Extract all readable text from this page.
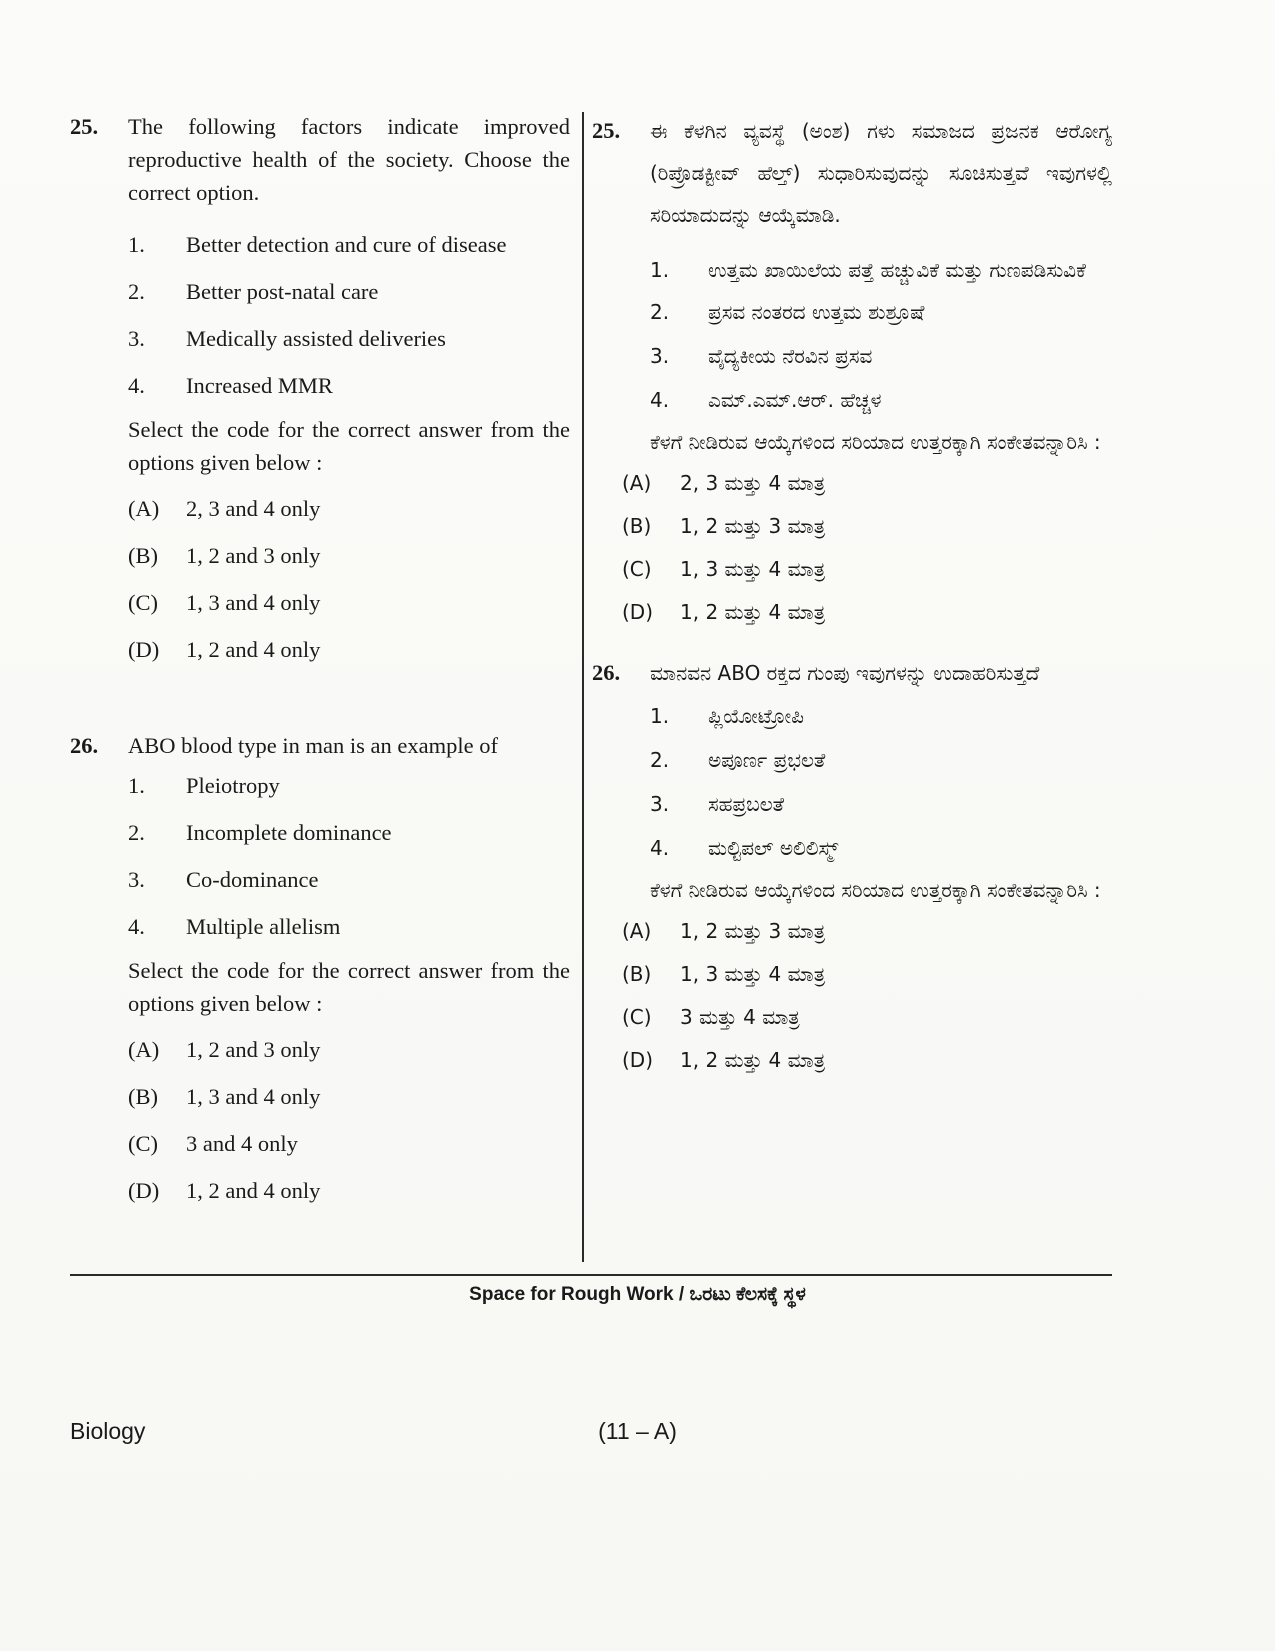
25.	The following factors indicate improved reproductive health of the society. Choose the correct option.
1.	Better detection and cure of disease
2.	Better post-natal care
3.	Medically assisted deliveries
4.	Increased MMR
Select the code for the correct answer from the options given below :
(A)	2, 3 and 4 only
(B)	1, 2 and 3 only
(C)	1, 3 and 4 only
(D)	1, 2 and 4 only
26.	ABO blood type in man is an example of
1.	Pleiotropy
2.	Incomplete dominance
3.	Co-dominance
4.	Multiple allelism
Select the code for the correct answer from the options given below :
(A)	1, 2 and 3 only
(B)	1, 3 and 4 only
(C)	3 and 4 only
(D)	1, 2 and 4 only
25.	ಈ ಕೆಳಗಿನ ವ್ಯವಸ್ಥೆ (ಅಂಶ) ಗಳು ಸಮಾಜದ ಪ್ರಜನಕ ಆರೋಗ್ಯ (ರಿಪ್ರೊಡಕ್ಟೀವ್ ಹೆಲ್ತ್) ಸುಧಾರಿಸುವುದನ್ನು ಸೂಚಿಸುತ್ತವೆ ಇವುಗಳಲ್ಲಿ ಸರಿಯಾದುದನ್ನು ಆಯ್ಕೆಮಾಡಿ.
1.	ಉತ್ತಮ ಖಾಯಿಲೆಯ ಪತ್ತೆ ಹಚ್ಚುವಿಕೆ ಮತ್ತು ಗುಣಪಡಿಸುವಿಕೆ
2.	ಪ್ರಸವ ನಂತರದ ಉತ್ತಮ ಶುಶ್ರೂಷೆ
3.	ವೈದ್ಯಕೀಯ ನೆರವಿನ ಪ್ರಸವ
4.	ಎಮ್.ಎಮ್.ಆರ್. ಹೆಚ್ಚಳ
ಕೆಳಗೆ ನೀಡಿರುವ ಆಯ್ಕೆಗಳಿಂದ ಸರಿಯಾದ ಉತ್ತರಕ್ಕಾಗಿ ಸಂಕೇತವನ್ನಾರಿಸಿ :
(A)	2, 3 ಮತ್ತು 4 ಮಾತ್ರ
(B)	1, 2 ಮತ್ತು 3 ಮಾತ್ರ
(C)	1, 3 ಮತ್ತು 4 ಮಾತ್ರ
(D)	1, 2 ಮತ್ತು 4 ಮಾತ್ರ
26.	ಮಾನವನ ABO ರಕ್ತದ ಗುಂಪು ಇವುಗಳನ್ನು ಉದಾಹರಿಸುತ್ತದೆ
1.	ಪ್ಲಿಯೋಟ್ರೋಪಿ
2.	ಅಪೂರ್ಣ ಪ್ರಭಲತೆ
3.	ಸಹಪ್ರಬಲತೆ
4.	ಮಲ್ಟಿಪಲ್ ಅಲಿಲಿಸ್ಮ್
ಕೆಳಗೆ ನೀಡಿರುವ ಆಯ್ಕೆಗಳಿಂದ ಸರಿಯಾದ ಉತ್ತರಕ್ಕಾಗಿ ಸಂಕೇತವನ್ನಾರಿಸಿ :
(A)	1, 2 ಮತ್ತು 3 ಮಾತ್ರ
(B)	1, 3 ಮತ್ತು 4 ಮಾತ್ರ
(C)	3 ಮತ್ತು 4 ಮಾತ್ರ
(D)	1, 2 ಮತ್ತು 4 ಮಾತ್ರ
Space for Rough Work / ಒರಟು ಕೆಲಸಕ್ಕೆ ಸ್ಥಳ
Biology	(11 – A)
